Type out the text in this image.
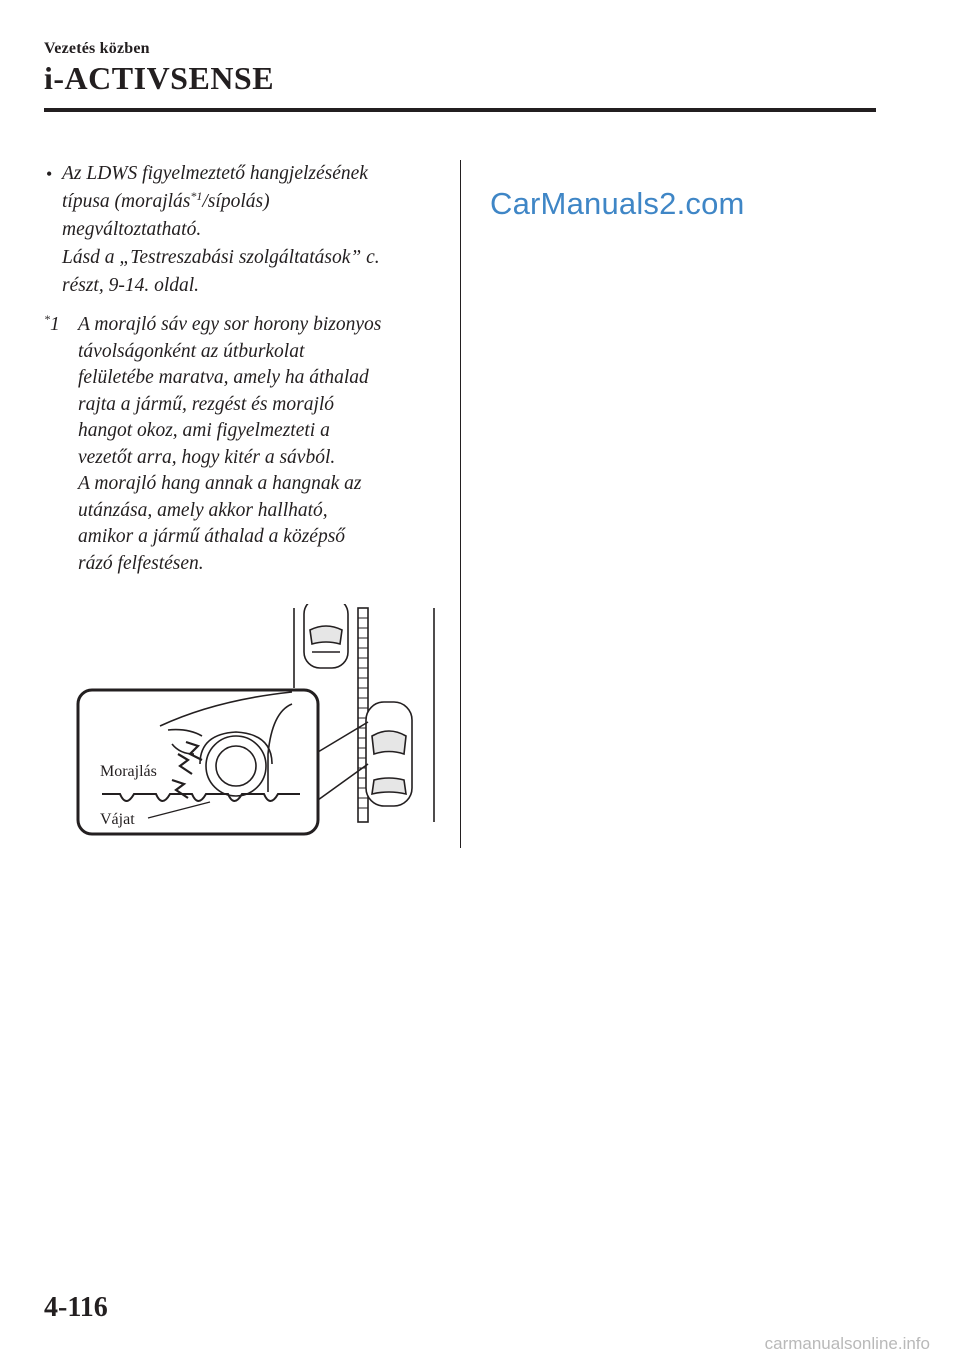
Vezetés közben
i-ACTIVSENSE
CarManuals2.com
• Az LDWS figyelmeztető hangjelzésének
típusa (morajlás$^{*1}$/sípolás)
megváltoztatható.
Lásd a „Testreszabási szolgáltatások” c.
részt, 9-14. oldal.
*1 A morajló sáv egy sor horony bizonyos
távolságonként az útburkolat
felületébe maratva, amely ha áthalad
rajta a jármű, rezgést és morajló
hangot okoz, ami figyelmezteti a
vezetőt arra, hogy kitér a sávból.
A morajló hang annak a hangnak az
utánzása, amely akkor hallható,
amikor a jármű áthalad a középső
rázó felfestésen.
Morajlás
Vájat
4-116
carmanualsonline.info
